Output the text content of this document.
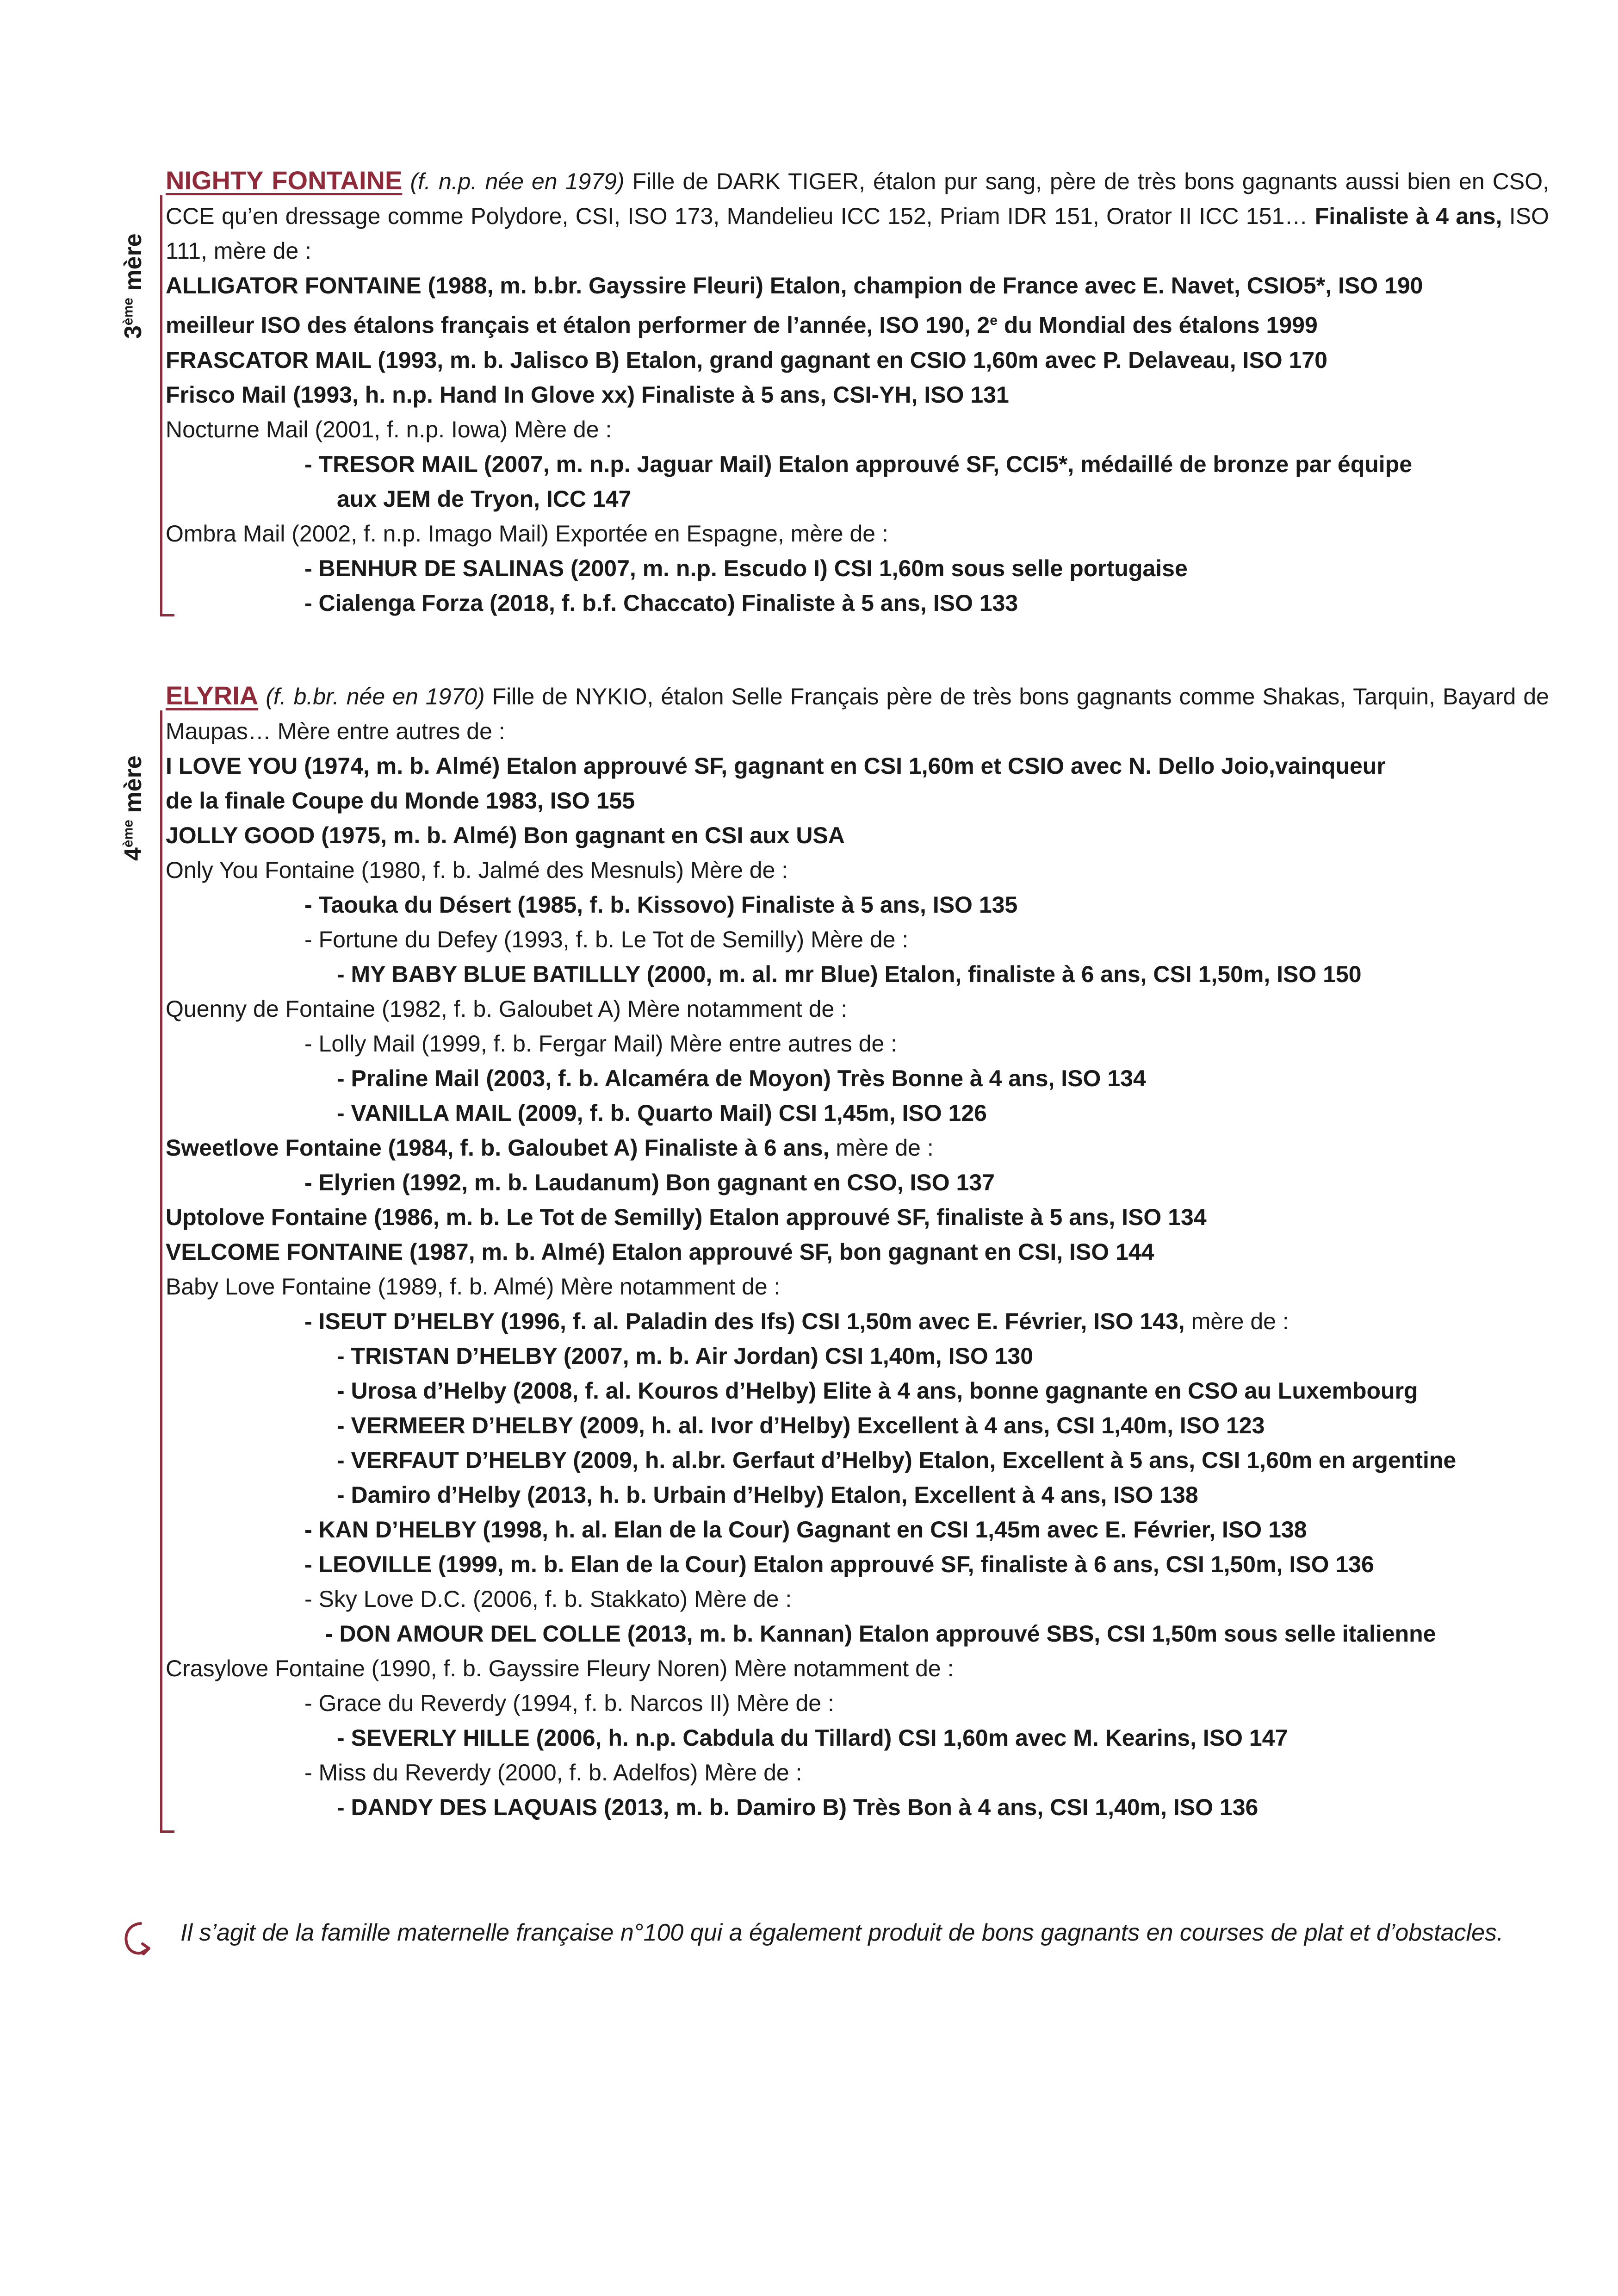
3ème mère
NIGHTY FONTAINE (f. n.p. née en 1979) Fille de DARK TIGER, étalon pur sang, père de très bons gagnants aussi bien en CSO, CCE qu’en dressage comme Polydore, CSI, ISO 173, Mandelieu ICC 152, Priam IDR 151, Orator II ICC 151… Finaliste à 4 ans, ISO 111, mère de :
ALLIGATOR FONTAINE (1988, m. b.br. Gayssire Fleuri) Etalon, champion de France avec E. Navet, CSIO5*, ISO 190
meilleur ISO des étalons français et étalon performer de l’année, ISO 190, 2e du Mondial des étalons 1999
FRASCATOR MAIL (1993, m. b. Jalisco B) Etalon, grand gagnant en CSIO 1,60m avec P. Delaveau, ISO 170
Frisco Mail (1993, h. n.p. Hand In Glove xx) Finaliste à 5 ans, CSI-YH, ISO 131
Nocturne Mail (2001, f. n.p. Iowa) Mère de :
- TRESOR MAIL (2007, m. n.p. Jaguar Mail) Etalon approuvé SF, CCI5*, médaillé de bronze par équipe
aux JEM de Tryon, ICC 147
Ombra Mail (2002, f. n.p. Imago Mail) Exportée en Espagne, mère de :
- BENHUR DE SALINAS (2007, m. n.p. Escudo I) CSI 1,60m sous selle portugaise
- Cialenga Forza (2018, f. b.f. Chaccato) Finaliste à 5 ans, ISO 133
4ème mère
ELYRIA (f. b.br. née en 1970) Fille de NYKIO, étalon Selle Français père de très bons gagnants comme Shakas, Tarquin, Bayard de Maupas… Mère entre autres de :
I LOVE YOU (1974, m. b. Almé) Etalon approuvé SF, gagnant en CSI 1,60m et CSIO avec N. Dello Joio,vainqueur
de la finale Coupe du Monde 1983, ISO 155
JOLLY GOOD (1975, m. b. Almé) Bon gagnant en CSI aux USA
Only You Fontaine (1980, f. b. Jalmé des Mesnuls) Mère de :
- Taouka du Désert (1985, f. b. Kissovo) Finaliste à 5 ans, ISO 135
- Fortune du Defey (1993, f. b. Le Tot de Semilly) Mère de :
- MY BABY BLUE BATILLLY (2000, m. al. mr Blue) Etalon, finaliste à 6 ans, CSI 1,50m, ISO 150
Quenny de Fontaine (1982, f. b. Galoubet A) Mère notamment de :
- Lolly Mail (1999, f. b. Fergar Mail) Mère entre autres de :
- Praline Mail (2003, f. b. Alcaméra de Moyon) Très Bonne à 4 ans, ISO 134
- VANILLA MAIL (2009, f. b. Quarto Mail) CSI 1,45m, ISO 126
Sweetlove Fontaine (1984, f. b. Galoubet A) Finaliste à 6 ans, mère de :
- Elyrien (1992, m. b. Laudanum) Bon gagnant en CSO, ISO 137
Uptolove Fontaine (1986, m. b. Le Tot de Semilly) Etalon approuvé SF, finaliste à 5 ans, ISO 134
VELCOME FONTAINE (1987, m. b. Almé) Etalon approuvé SF, bon gagnant en CSI, ISO 144
Baby Love Fontaine (1989, f. b. Almé) Mère notamment de :
- ISEUT D’HELBY (1996, f. al. Paladin des Ifs) CSI 1,50m avec E. Février, ISO 143, mère de :
- TRISTAN D’HELBY (2007, m. b. Air Jordan) CSI 1,40m, ISO 130
- Urosa d’Helby (2008, f. al. Kouros d’Helby) Elite à 4 ans, bonne gagnante en CSO au Luxembourg
- VERMEER D’HELBY (2009, h. al. Ivor d’Helby) Excellent à 4 ans, CSI 1,40m, ISO 123
- VERFAUT D’HELBY (2009, h. al.br. Gerfaut d’Helby) Etalon, Excellent à 5 ans, CSI 1,60m en argentine
- Damiro d’Helby (2013, h. b. Urbain d’Helby) Etalon, Excellent à 4 ans, ISO 138
- KAN D’HELBY (1998, h. al. Elan de la Cour) Gagnant en CSI 1,45m avec E. Février, ISO 138
- LEOVILLE (1999, m. b. Elan de la Cour) Etalon approuvé SF, finaliste à 6 ans, CSI 1,50m, ISO 136
- Sky Love D.C. (2006, f. b. Stakkato) Mère de :
- DON AMOUR DEL COLLE (2013, m. b. Kannan) Etalon approuvé SBS, CSI 1,50m sous selle italienne
Crasylove Fontaine (1990, f. b. Gayssire Fleury Noren) Mère notamment de :
- Grace du Reverdy (1994, f. b. Narcos II) Mère de :
- SEVERLY HILLE (2006, h. n.p. Cabdula du Tillard) CSI 1,60m avec M. Kearins, ISO 147
- Miss du Reverdy (2000, f. b. Adelfos) Mère de :
- DANDY DES LAQUAIS (2013, m. b. Damiro B) Très Bon à 4 ans, CSI 1,40m, ISO 136
Il s’agit de la famille maternelle française n°100 qui a également produit de bons gagnants en courses de plat et d’obstacles.
